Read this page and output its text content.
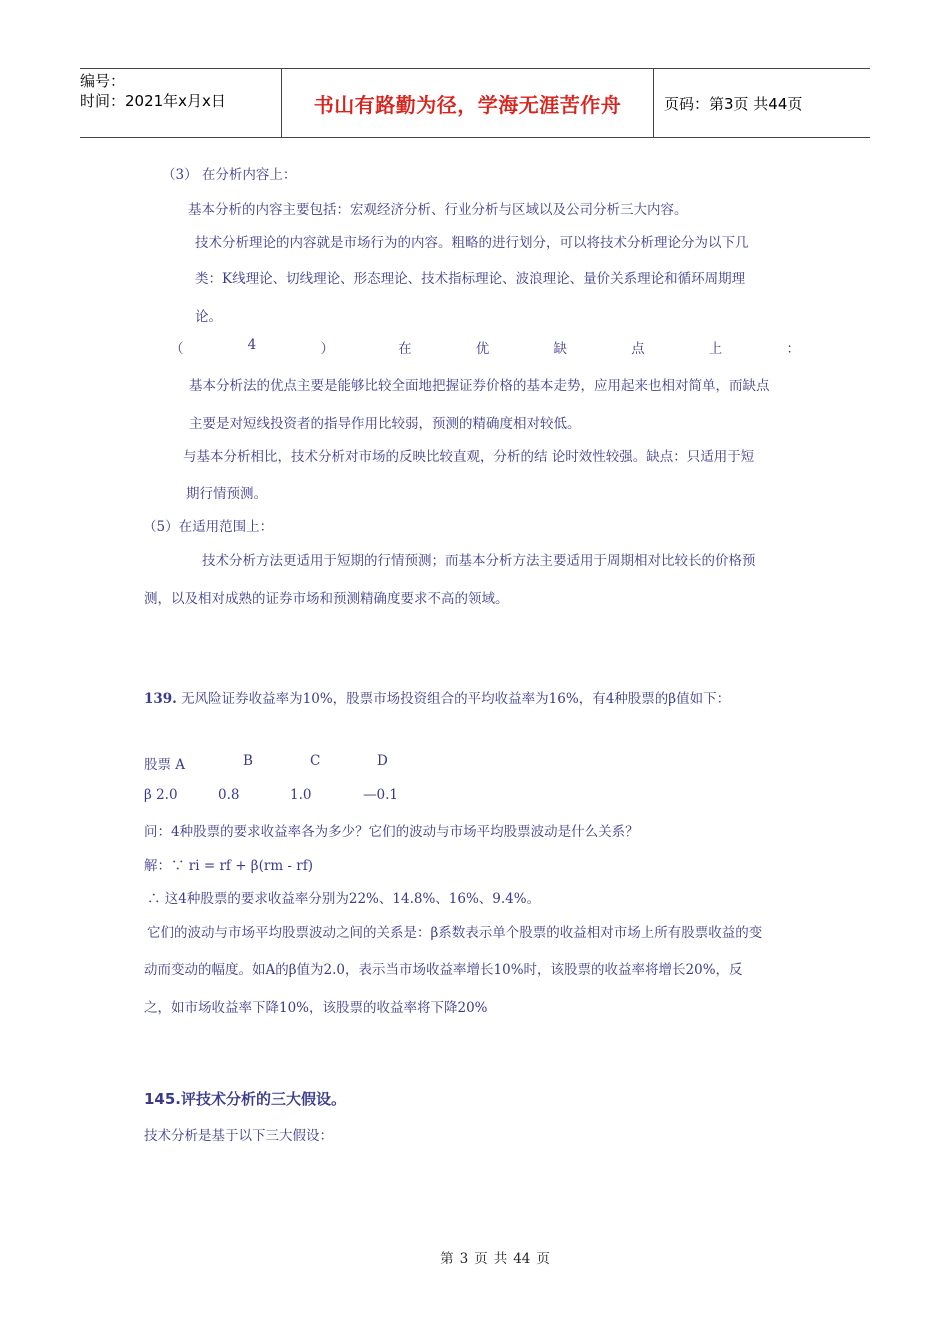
编号：
时间：2021年x月x日	书山有路勤为径，学海无涯苦作舟	页码：第3页 共44页
（3） 在分析内容上：
基本分析的内容主要包括：宏观经济分析、行业分析与区域以及公司分析三大内容。
技术分析理论的内容就是市场行为的内容。粗略的进行划分，可以将技术分析理论分为以下几
类：K线理论、切线理论、形态理论、技术指标理论、波浪理论、量价关系理论和循环周期理
论。
（	4	）	在	优	缺	点	上	：
基本分析法的优点主要是能够比较全面地把握证券价格的基本走势，应用起来也相对简单，而缺点
主要是对短线投资者的指导作用比较弱，预测的精确度相对较低。
与基本分析相比，技术分析对市场的反映比较直观，分析的结 论时效性较强。缺点：只适用于短
期行情预测。
（5）在适用范围上：
技术分析方法更适用于短期的行情预测；而基本分析方法主要适用于周期相对比较长的价格预
测，以及相对成熟的证券市场和预测精确度要求不高的领域。
139. 无风险证券收益率为10%，股票市场投资组合的平均收益率为16%，有4种股票的β值如下：
股票 A	B	C	D
β 2.0	0.8	1.0	—0.1
问：4种股票的要求收益率各为多少？它们的波动与市场平均股票波动是什么关系？
解：∵ ri = rf + β(rm - rf)
∴ 这4种股票的要求收益率分别为22%、14.8%、16%、9.4%。
它们的波动与市场平均股票波动之间的关系是：β系数表示单个股票的收益相对市场上所有股票收益的变
动而变动的幅度。如A的β值为2.0，表示当市场收益率增长10%时，该股票的收益率将增长20%，反
之，如市场收益率下降10%，该股票的收益率将下降20%
145.评技术分析的三大假设。
技术分析是基于以下三大假设：
第 3 页 共 44 页
